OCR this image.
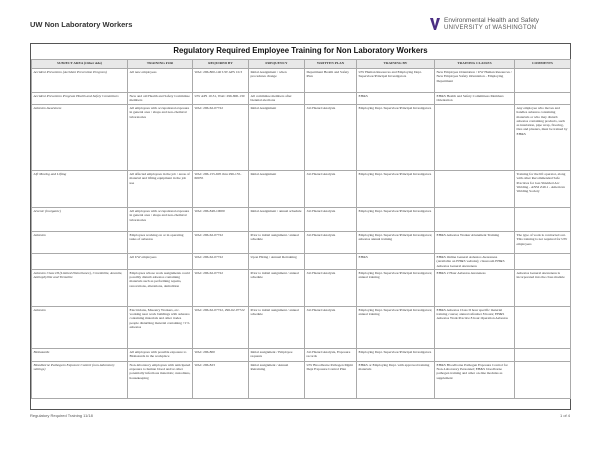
UW Non Laboratory Workers	Environmental Health and Safety
UNIVERSITY of WASHINGTON
Regulatory Required Employee Training for Non Laboratory Workers
SUBJECT AREA (Other side)	TRAINING FOR	REQUIRED BY	FREQUENCY	WRITTEN PLAN	TRAINING BY	TRAINING CLASSES	COMMENTS
Accident Prevention (Accident Prevention Program)	All new employees	WAC 296-800-140 UW APS 10.3	Initial Assignment / when procedures change	Department Health and Safety Plan	UW Human Resources and Employing Dept. Supervisor/Principal Investigators	New Employee Orientation / UW Human Resources / New Employee Safety Orientation - Employing Department	
Accident Prevention Program Health and Safety Committees	New and old Health and Safety Committee members	UW APS 10.31, WAC 296-800-130	All committee members after biennial elections		EH&S	EH&S Health and Safety Committees Members Orientation	
Asbestos Awareness	All employees with occupational exposure in general area / shops and non-chemical laboratories	WAC 296-62-07722	Initial Assignment	Job Hazard Analysis	Employing Dept. Supervisor/Principal Investigators		Any employee who moves and handles asbestos containing materials or who may disturb asbestos containing products, such as insulation, pipe wrap, flooring, tiles and plasters, must be trained by EH&S
Lift Moving and Lifting	All affected employees in the job / areas of material and lifting equipment in the job use	WAC 296-155-605 thru 296-155-60055	Initial Assignment	Job Hazard Analysis	Employing Dept. Supervisor/Principal Investigators		Training for the lift operator, along with other Recommended Safe Practices for Gas Shielded Arc Welding - ANSI Z49.1 - American Welding Society
Arsenic (inorganic)	All employees with occupational exposure in general area / shops and non-chemical laboratories	WAC 296-848-10000	Initial Assignment / annual schedule	Job Hazard Analysis	Employing Dept. Supervisor/Principal Investigators		
Asbestos	Employees working on or in operating tasks of asbestos	WAC 296-62-07722	Prior to initial assignment / annual schedule	Job Hazard Analysis	Employing Dept. Supervisor/Principal Investigators; asbestos annual training	EH&S Asbestos Worker Abatement Training	The type of work is contracted out. This training is not required for UW employees
	All UW employees	WAC 296-62-07722	Upon Hiring / Annual Retraining		EH&S	EH&S Online General Asbestos Awareness (Available on EH&S website); classroom EH&S Asbestos General Awareness	
Asbestos Class III (Limited Disturbance), Crocidolite, Amosite, Anthophyllite and Tremolite	Employees whose work assignments could possibly disturb asbestos containing materials such as performing repairs, renovations, alterations, demolition	WAC 296-62-07722	Prior to initial assignment / annual schedule	Job Hazard Analysis	Employing Dept. Supervisor/Principal Investigators; annual training	EH&S 2 Hour Asbestos Awareness	Asbestos General Awareness is incorporated into the class module
Asbestos	Electricians, Masonry Workers, etc. working near work buildings with asbestos containing materials and other trades people disturbing material containing >1% asbestos	WAC 296-62-07722, 296-62-07722	Prior to initial assignment / annual schedule	Job Hazard Analysis	Employing Dept. Supervisor/Principal Investigators; annual training	EH&S Asbestos Class II hour specific material training course; annual refresher 8 hours; EH&S Asbestos Work Practice 8 hour Operation Asbestos	
Biohazards	All employees with possible exposure to Biohazards in the workplace	WAC 296-800	Initial assignment / Employee requests	Job Hazard Analysis, Exposure records	Employing Dept. Supervisor/Principal Investigators		
Bloodborne Pathogens Exposure Control (non-laboratory settings)	Non-laboratory employees with anticipated exposure to human blood and/or other potentially infectious materials; custodians, housekeeping	WAC 296-823	Initial assignment / Annual Retraining	UW Bloodborne Pathogen Mgmt Dept Exposure Control Plan	EH&S or Employing Dept. with approved training materials	EH&S Bloodborne Pathogen Exposure Control for Non-Laboratory Personnel; EH&S bloodborne pathogen training and other on-line modules as supplement	
Regulatory Required Training 11/18	1 of 4
